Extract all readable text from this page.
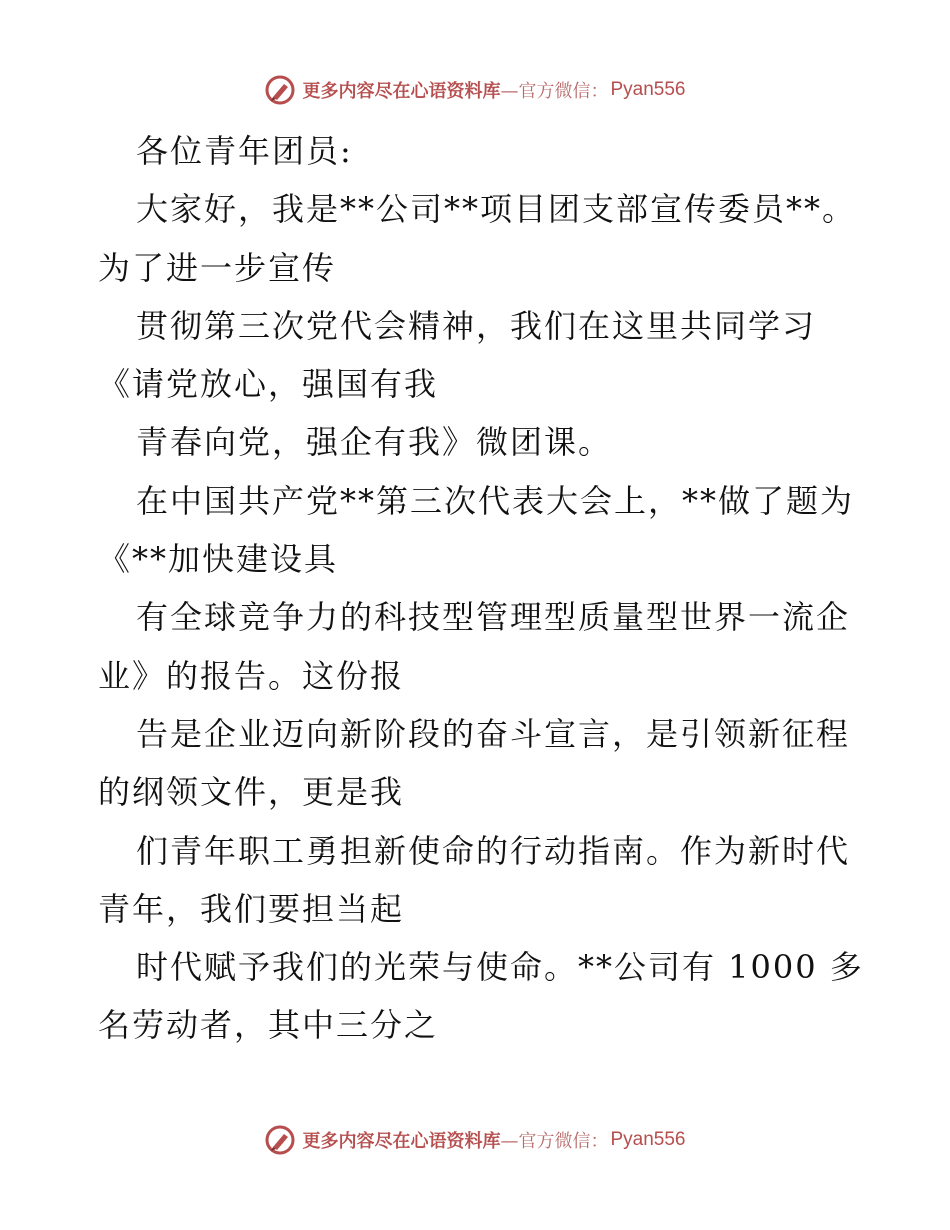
更多内容尽在心语资料库 —官方微信： Pyan556
各位青年团员:
大家好，我是**公司**项目团支部宣传委员**。
为了进一步宣传
贯彻第三次党代会精神，我们在这里共同学习
《请党放心，强国有我
青春向党，强企有我》微团课。
在中国共产党**第三次代表大会上，**做了题为
《**加快建设具
有全球竞争力的科技型管理型质量型世界一流企
业》的报告。这份报
告是企业迈向新阶段的奋斗宣言，是引领新征程
的纲领文件，更是我
们青年职工勇担新使命的行动指南。作为新时代
青年，我们要担当起
时代赋予我们的光荣与使命。**公司有 1000 多
名劳动者，其中三分之
更多内容尽在心语资料库 —官方微信： Pyan556
